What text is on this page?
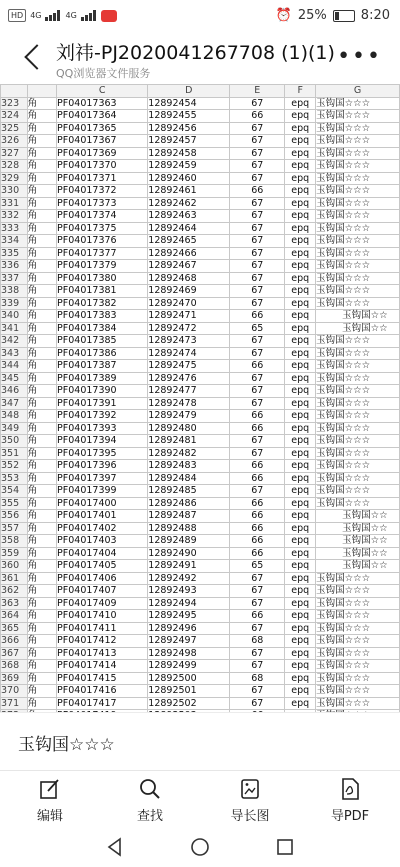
HD 4G	4G	⏰ 25%	8:20
刘祎-PJ2020041267708 (1)(1)
QQ浏览器文件服务
•••
		C	D	E	F	G
323	角	PF04017363	12892454	67	epq	玉钩国☆☆☆
324	角	PF04017364	12892455	66	epq	玉钩国☆☆☆
325	角	PF04017365	12892456	67	epq	玉钩国☆☆☆
326	角	PF04017367	12892457	67	epq	玉钩国☆☆☆
327	角	PF04017369	12892458	67	epq	玉钩国☆☆☆
328	角	PF04017370	12892459	67	epq	玉钩国☆☆☆
329	角	PF04017371	12892460	67	epq	玉钩国☆☆☆
330	角	PF04017372	12892461	66	epq	玉钩国☆☆☆
331	角	PF04017373	12892462	67	epq	玉钩国☆☆☆
332	角	PF04017374	12892463	67	epq	玉钩国☆☆☆
333	角	PF04017375	12892464	67	epq	玉钩国☆☆☆
334	角	PF04017376	12892465	67	epq	玉钩国☆☆☆
335	角	PF04017377	12892466	67	epq	玉钩国☆☆☆
336	角	PF04017379	12892467	67	epq	玉钩国☆☆☆
337	角	PF04017380	12892468	67	epq	玉钩国☆☆☆
338	角	PF04017381	12892469	67	epq	玉钩国☆☆☆
339	角	PF04017382	12892470	67	epq	玉钩国☆☆☆
340	角	PF04017383	12892471	66	epq	玉钩国☆☆
341	角	PF04017384	12892472	65	epq	玉钩国☆☆
342	角	PF04017385	12892473	67	epq	玉钩国☆☆☆
343	角	PF04017386	12892474	67	epq	玉钩国☆☆☆
344	角	PF04017387	12892475	66	epq	玉钩国☆☆☆
345	角	PF04017389	12892476	67	epq	玉钩国☆☆☆
346	角	PF04017390	12892477	67	epq	玉钩国☆☆☆
347	角	PF04017391	12892478	67	epq	玉钩国☆☆☆
348	角	PF04017392	12892479	66	epq	玉钩国☆☆☆
349	角	PF04017393	12892480	66	epq	玉钩国☆☆☆
350	角	PF04017394	12892481	67	epq	玉钩国☆☆☆
351	角	PF04017395	12892482	67	epq	玉钩国☆☆☆
352	角	PF04017396	12892483	66	epq	玉钩国☆☆☆
353	角	PF04017397	12892484	66	epq	玉钩国☆☆☆
354	角	PF04017399	12892485	67	epq	玉钩国☆☆☆
355	角	PF04017400	12892486	66	epq	玉钩国☆☆☆
356	角	PF04017401	12892487	66	epq	玉钩国☆☆
357	角	PF04017402	12892488	66	epq	玉钩国☆☆
358	角	PF04017403	12892489	66	epq	玉钩国☆☆
359	角	PF04017404	12892490	66	epq	玉钩国☆☆
360	角	PF04017405	12892491	65	epq	玉钩国☆☆
361	角	PF04017406	12892492	67	epq	玉钩国☆☆☆
362	角	PF04017407	12892493	67	epq	玉钩国☆☆☆
363	角	PF04017409	12892494	67	epq	玉钩国☆☆☆
364	角	PF04017410	12892495	66	epq	玉钩国☆☆☆
365	角	PF04017411	12892496	67	epq	玉钩国☆☆☆
366	角	PF04017412	12892497	68	epq	玉钩国☆☆☆
367	角	PF04017413	12892498	67	epq	玉钩国☆☆☆
368	角	PF04017414	12892499	67	epq	玉钩国☆☆☆
369	角	PF04017415	12892500	68	epq	玉钩国☆☆☆
370	角	PF04017416	12892501	67	epq	玉钩国☆☆☆
371	角	PF04017417	12892502	67	epq	玉钩国☆☆☆

玉钩国☆☆☆
编辑	查找	导长图	导PDF
